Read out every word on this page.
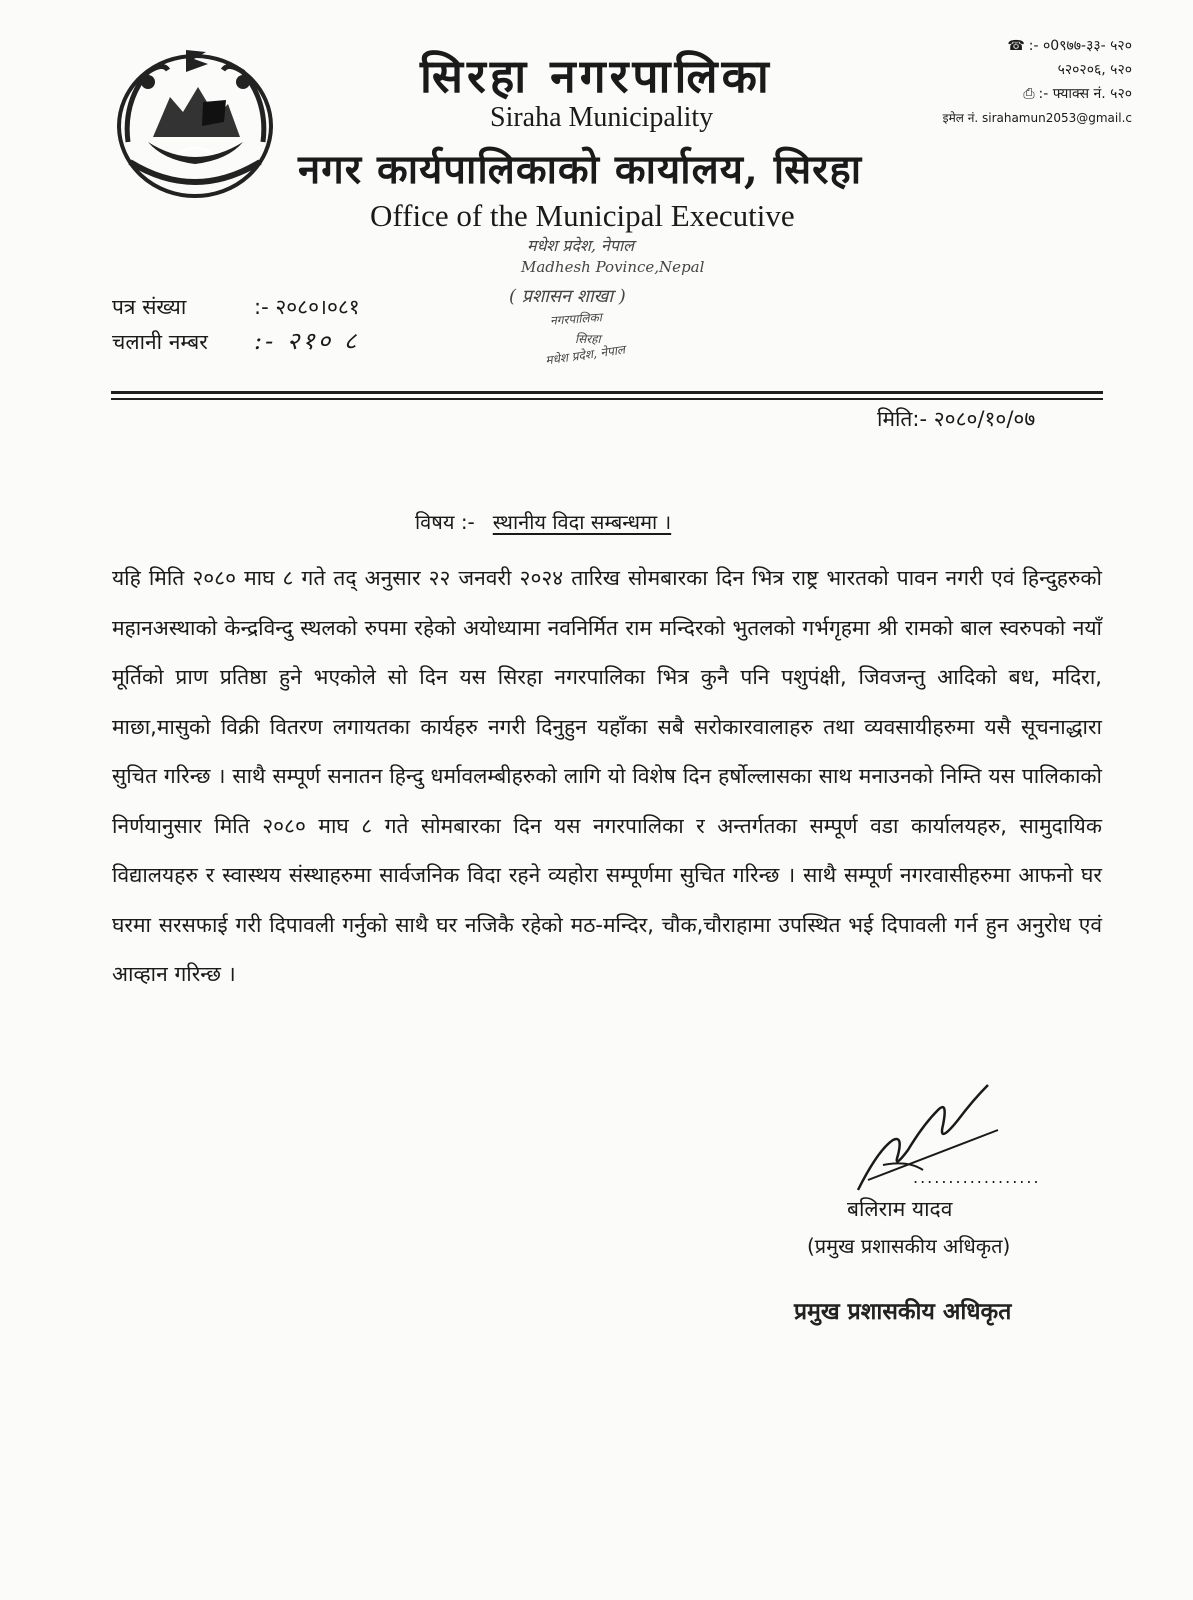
सिरहा नगरपालिका
Siraha Municipality
नगर कार्यपालिकाको कार्यालय, सिरहा
Office of the Municipal Executive
☎ :- ०0९७७-३३- ५२०
५२०२०६, ५२०
⎙ :- फ्याक्स नं. ५२०
इमेल नं. sirahamun2053@gmail.c
मधेश प्रदेश, नेपाल
Madhesh Povince,Nepal
( प्रशासन शाखा )
नगरपालिका
सिरहा
मधेश प्रदेश, नेपाल
पत्र संख्या	:- २०८०।०८१
चलानी नम्बर :- २१० ८
मिति:- २०८०/१०/०७
विषय :- स्थानीय विदा सम्बन्धमा ।
यहि मिति २०८० माघ ८ गते तद् अनुसार २२ जनवरी २०२४ तारिख सोमबारका दिन भित्र राष्ट्र भारतको पावन नगरी एवं हिन्दुहरुको महानअस्थाको केन्द्रविन्दु स्थलको रुपमा रहेको अयोध्यामा नवनिर्मित राम मन्दिरको भुतलको गर्भगृहमा श्री रामको बाल स्वरुपको नयाँ मूर्तिको प्राण प्रतिष्ठा हुने भएकोले सो दिन यस सिरहा नगरपालिका भित्र कुनै पनि पशुपंक्षी, जिवजन्तु आदिको बध, मदिरा, माछा,मासुको विक्री वितरण लगायतका कार्यहरु नगरी दिनुहुन यहाँका सबै सरोकारवालाहरु तथा व्यवसायीहरुमा यसै सूचनाद्धारा सुचित गरिन्छ । साथै सम्पूर्ण सनातन हिन्दु धर्मावलम्बीहरुको लागि यो विशेष दिन हर्षोल्लासका साथ मनाउनको निम्ति यस पालिकाको निर्णयानुसार मिति २०८० माघ ८ गते सोमबारका दिन यस नगरपालिका र अन्तर्गतका सम्पूर्ण वडा कार्यालयहरु, सामुदायिक विद्यालयहरु र स्वास्थय संस्थाहरुमा सार्वजनिक विदा रहने व्यहोरा सम्पूर्णमा सुचित गरिन्छ । साथै सम्पूर्ण नगरवासीहरुमा आफनो घर घरमा सरसफाई गरी दिपावली गर्नुको साथै घर नजिकै रहेको मठ-मन्दिर, चौक,चौराहामा उपस्थित भई दिपावली गर्न हुन अनुरोध एवं आव्हान गरिन्छ ।
..................
बलिराम यादव
(प्रमुख प्रशासकीय अधिकृत)
प्रमुख प्रशासकीय अधिकृत
